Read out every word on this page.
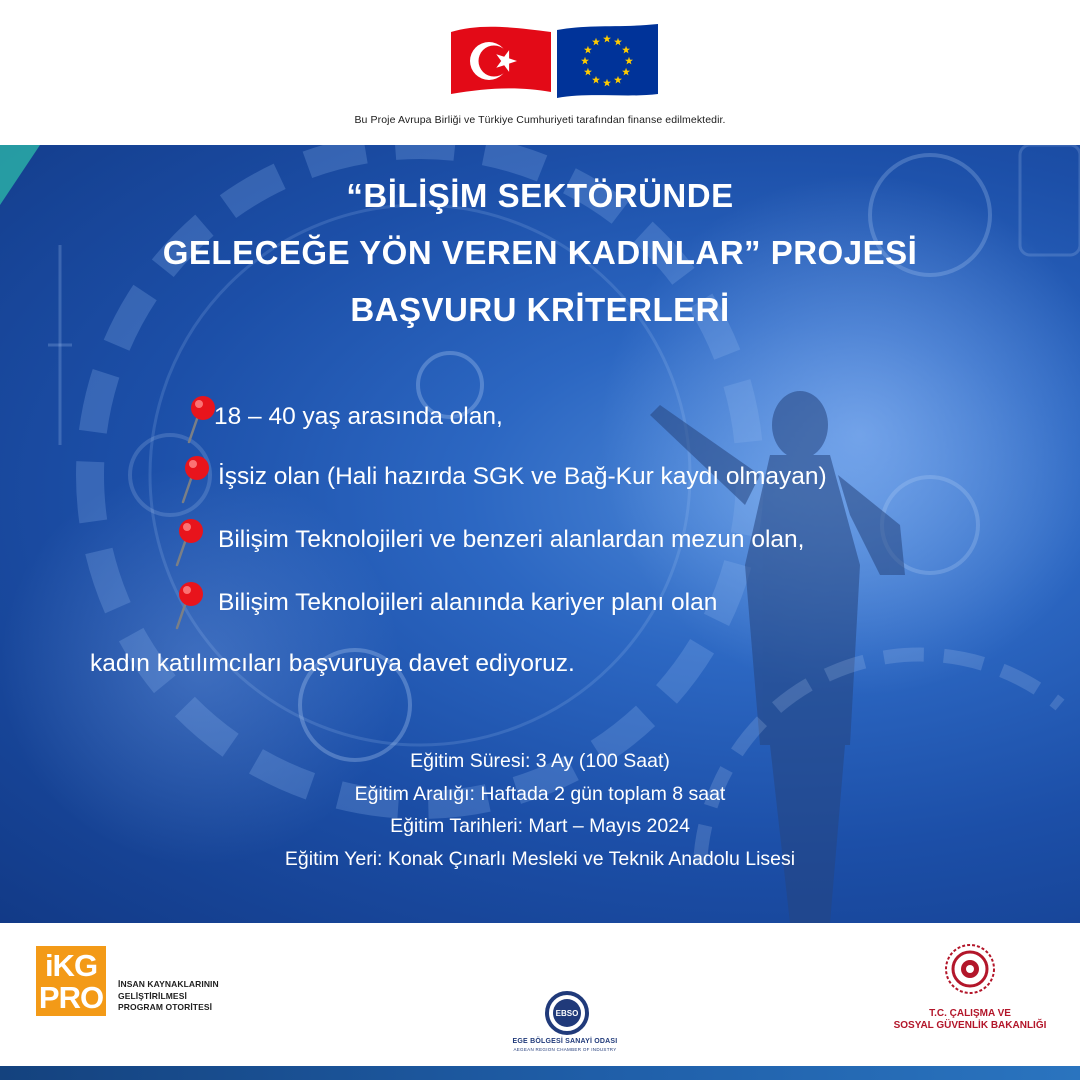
Bu Proje Avrupa Birliği ve Türkiye Cumhuriyeti tarafından finanse edilmektedir.
“BİLİŞİM SEKTÖRÜNDE
GELECEĞE YÖN VEREN KADINLAR” PROJESİ
BAŞVURU KRİTERLERİ
18 – 40 yaş arasında olan,
İşsiz olan (Hali hazırda SGK ve Bağ-Kur kaydı olmayan)
Bilişim Teknolojileri ve benzeri alanlardan mezun olan,
Bilişim Teknolojileri alanında kariyer planı olan
kadın katılımcıları başvuruya davet ediyoruz.
Eğitim Süresi: 3 Ay (100 Saat)
Eğitim Aralığı: Haftada 2 gün toplam 8 saat
Eğitim Tarihleri: Mart – Mayıs 2024
Eğitim Yeri: Konak Çınarlı Mesleki ve Teknik Anadolu Lisesi
iKG
PRO	İNSAN KAYNAKLARININ
GELİŞTİRİLMESİ
PROGRAM OTORİTESİ
EBSO
EGE BÖLGESİ SANAYİ ODASI
AEGEAN REGION CHAMBER OF INDUSTRY
T.C. ÇALIŞMA VE
SOSYAL GÜVENLİK BAKANLIĞI
